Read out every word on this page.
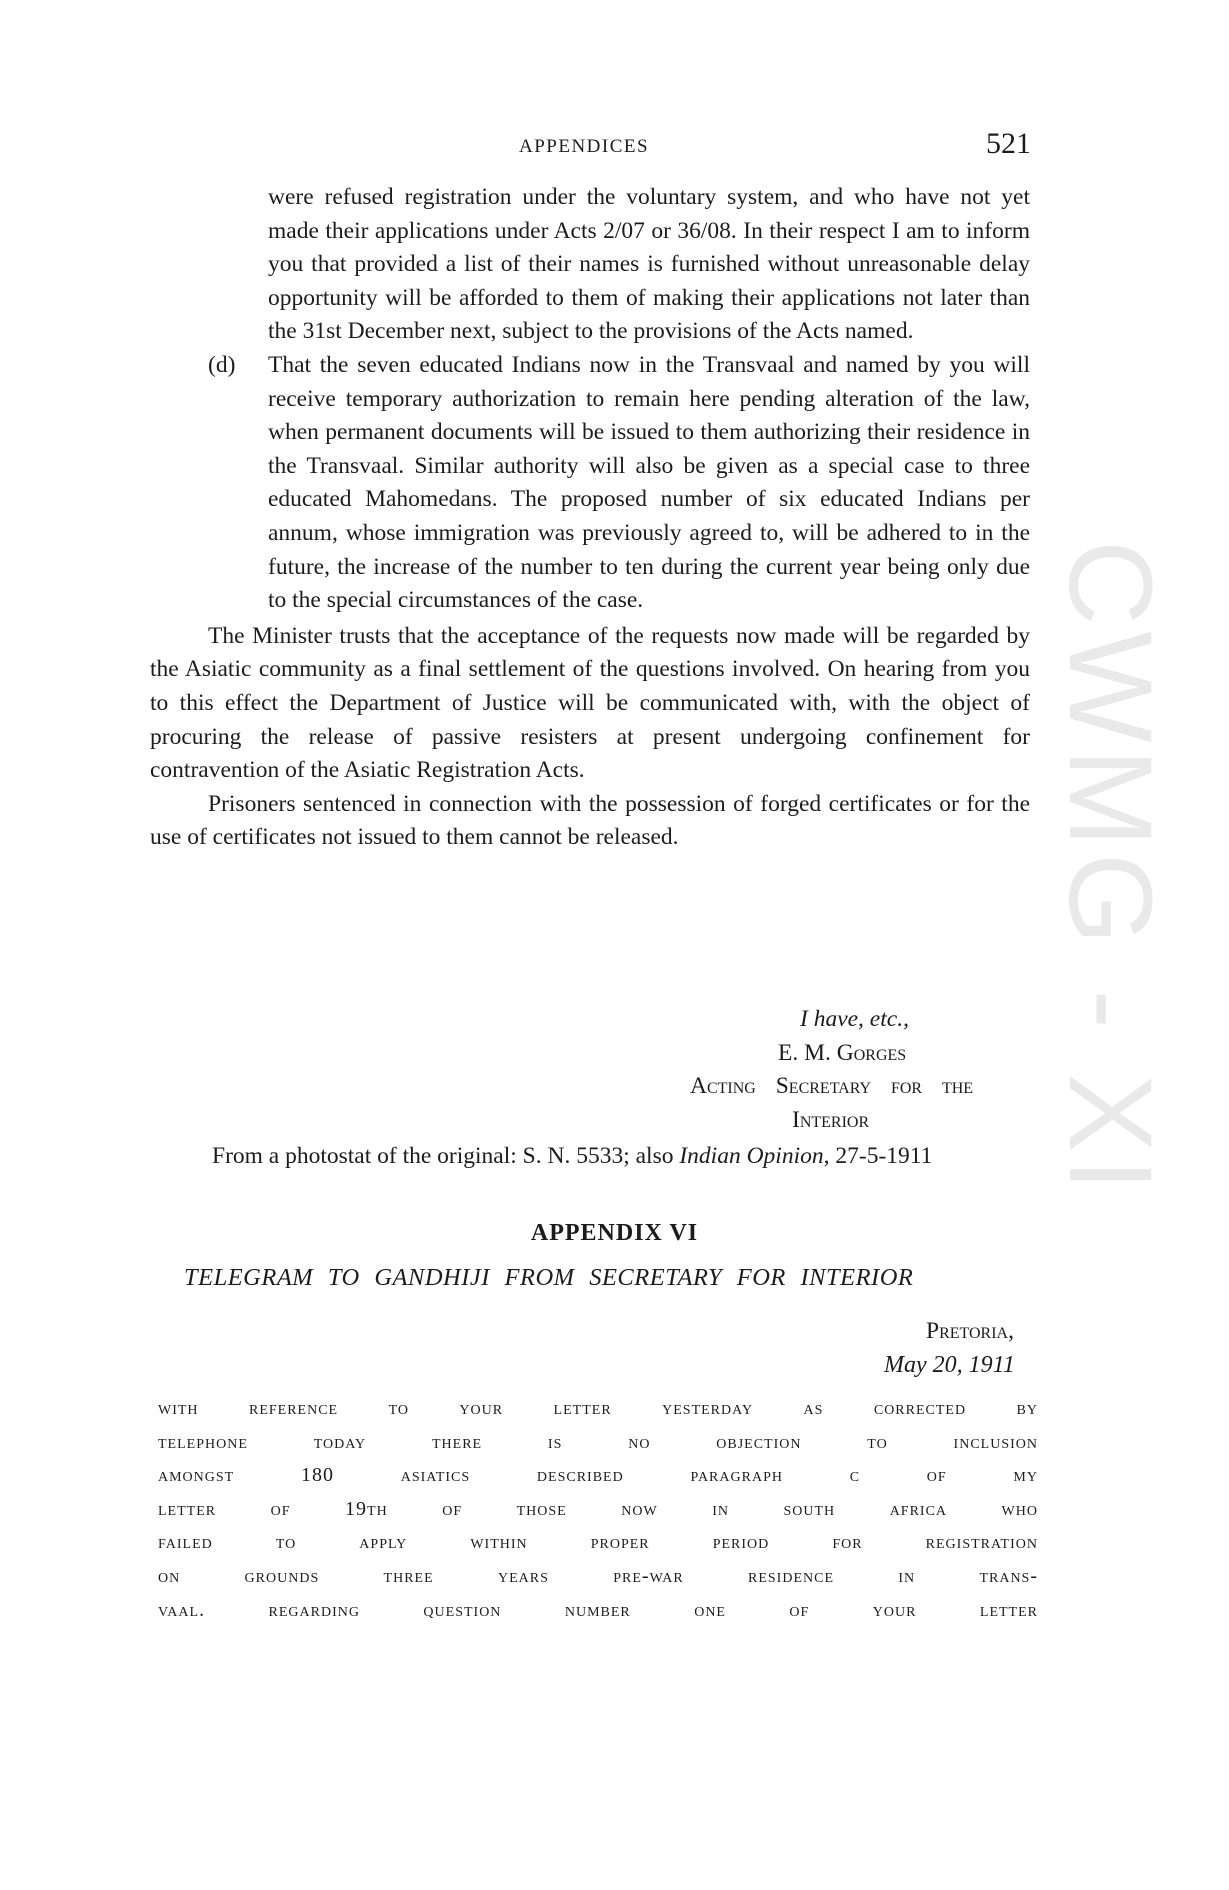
CWMG - XI
APPENDICES	521

were refused registration under the voluntary system, and who have not yet made their applications under Acts 2/07 or 36/08. In their respect I am to inform you that provided a list of their names is furnished without unreasonable delay opportunity will be afforded to them of making their applications not later than the 31st December next, subject to the provisions of the Acts named.

(d) That the seven educated Indians now in the Transvaal and named by you will receive temporary authorization to remain here pending alteration of the law, when permanent documents will be issued to them authorizing their residence in the Transvaal. Similar authority will also be given as a special case to three educated Mahomedans. The proposed number of six educated Indians per annum, whose immigration was previously agreed to, will be adhered to in the future, the increase of the number to ten during the current year being only due to the special circumstances of the case.

The Minister trusts that the acceptance of the requests now made will be regarded by the Asiatic community as a final settlement of the questions involved. On hearing from you to this effect the Department of Justice will be communicated with, with the object of procuring the release of passive resisters at present undergoing confinement for contravention of the Asiatic Registration Acts.

Prisoners sentenced in connection with the possession of forged certificates or for the use of certificates not issued to them cannot be released.

I have, etc.,
E. M. Gorges
Acting Secretary for the
Interior
From a photostat of the original: S. N. 5533; also Indian Opinion, 27-5-1911
APPENDIX VI
TELEGRAM TO GANDHIJI FROM SECRETARY FOR INTERIOR
Pretoria,
May 20, 1911
with reference to your letter yesterday as corrected by
telephone today there is no objection to inclusion
amongst 180 asiatics described paragraph c of my
letter of 19th of those now in south africa who
failed to apply within proper period for registration
on grounds three years pre-war residence in trans-
vaal. regarding question number one of your letter
